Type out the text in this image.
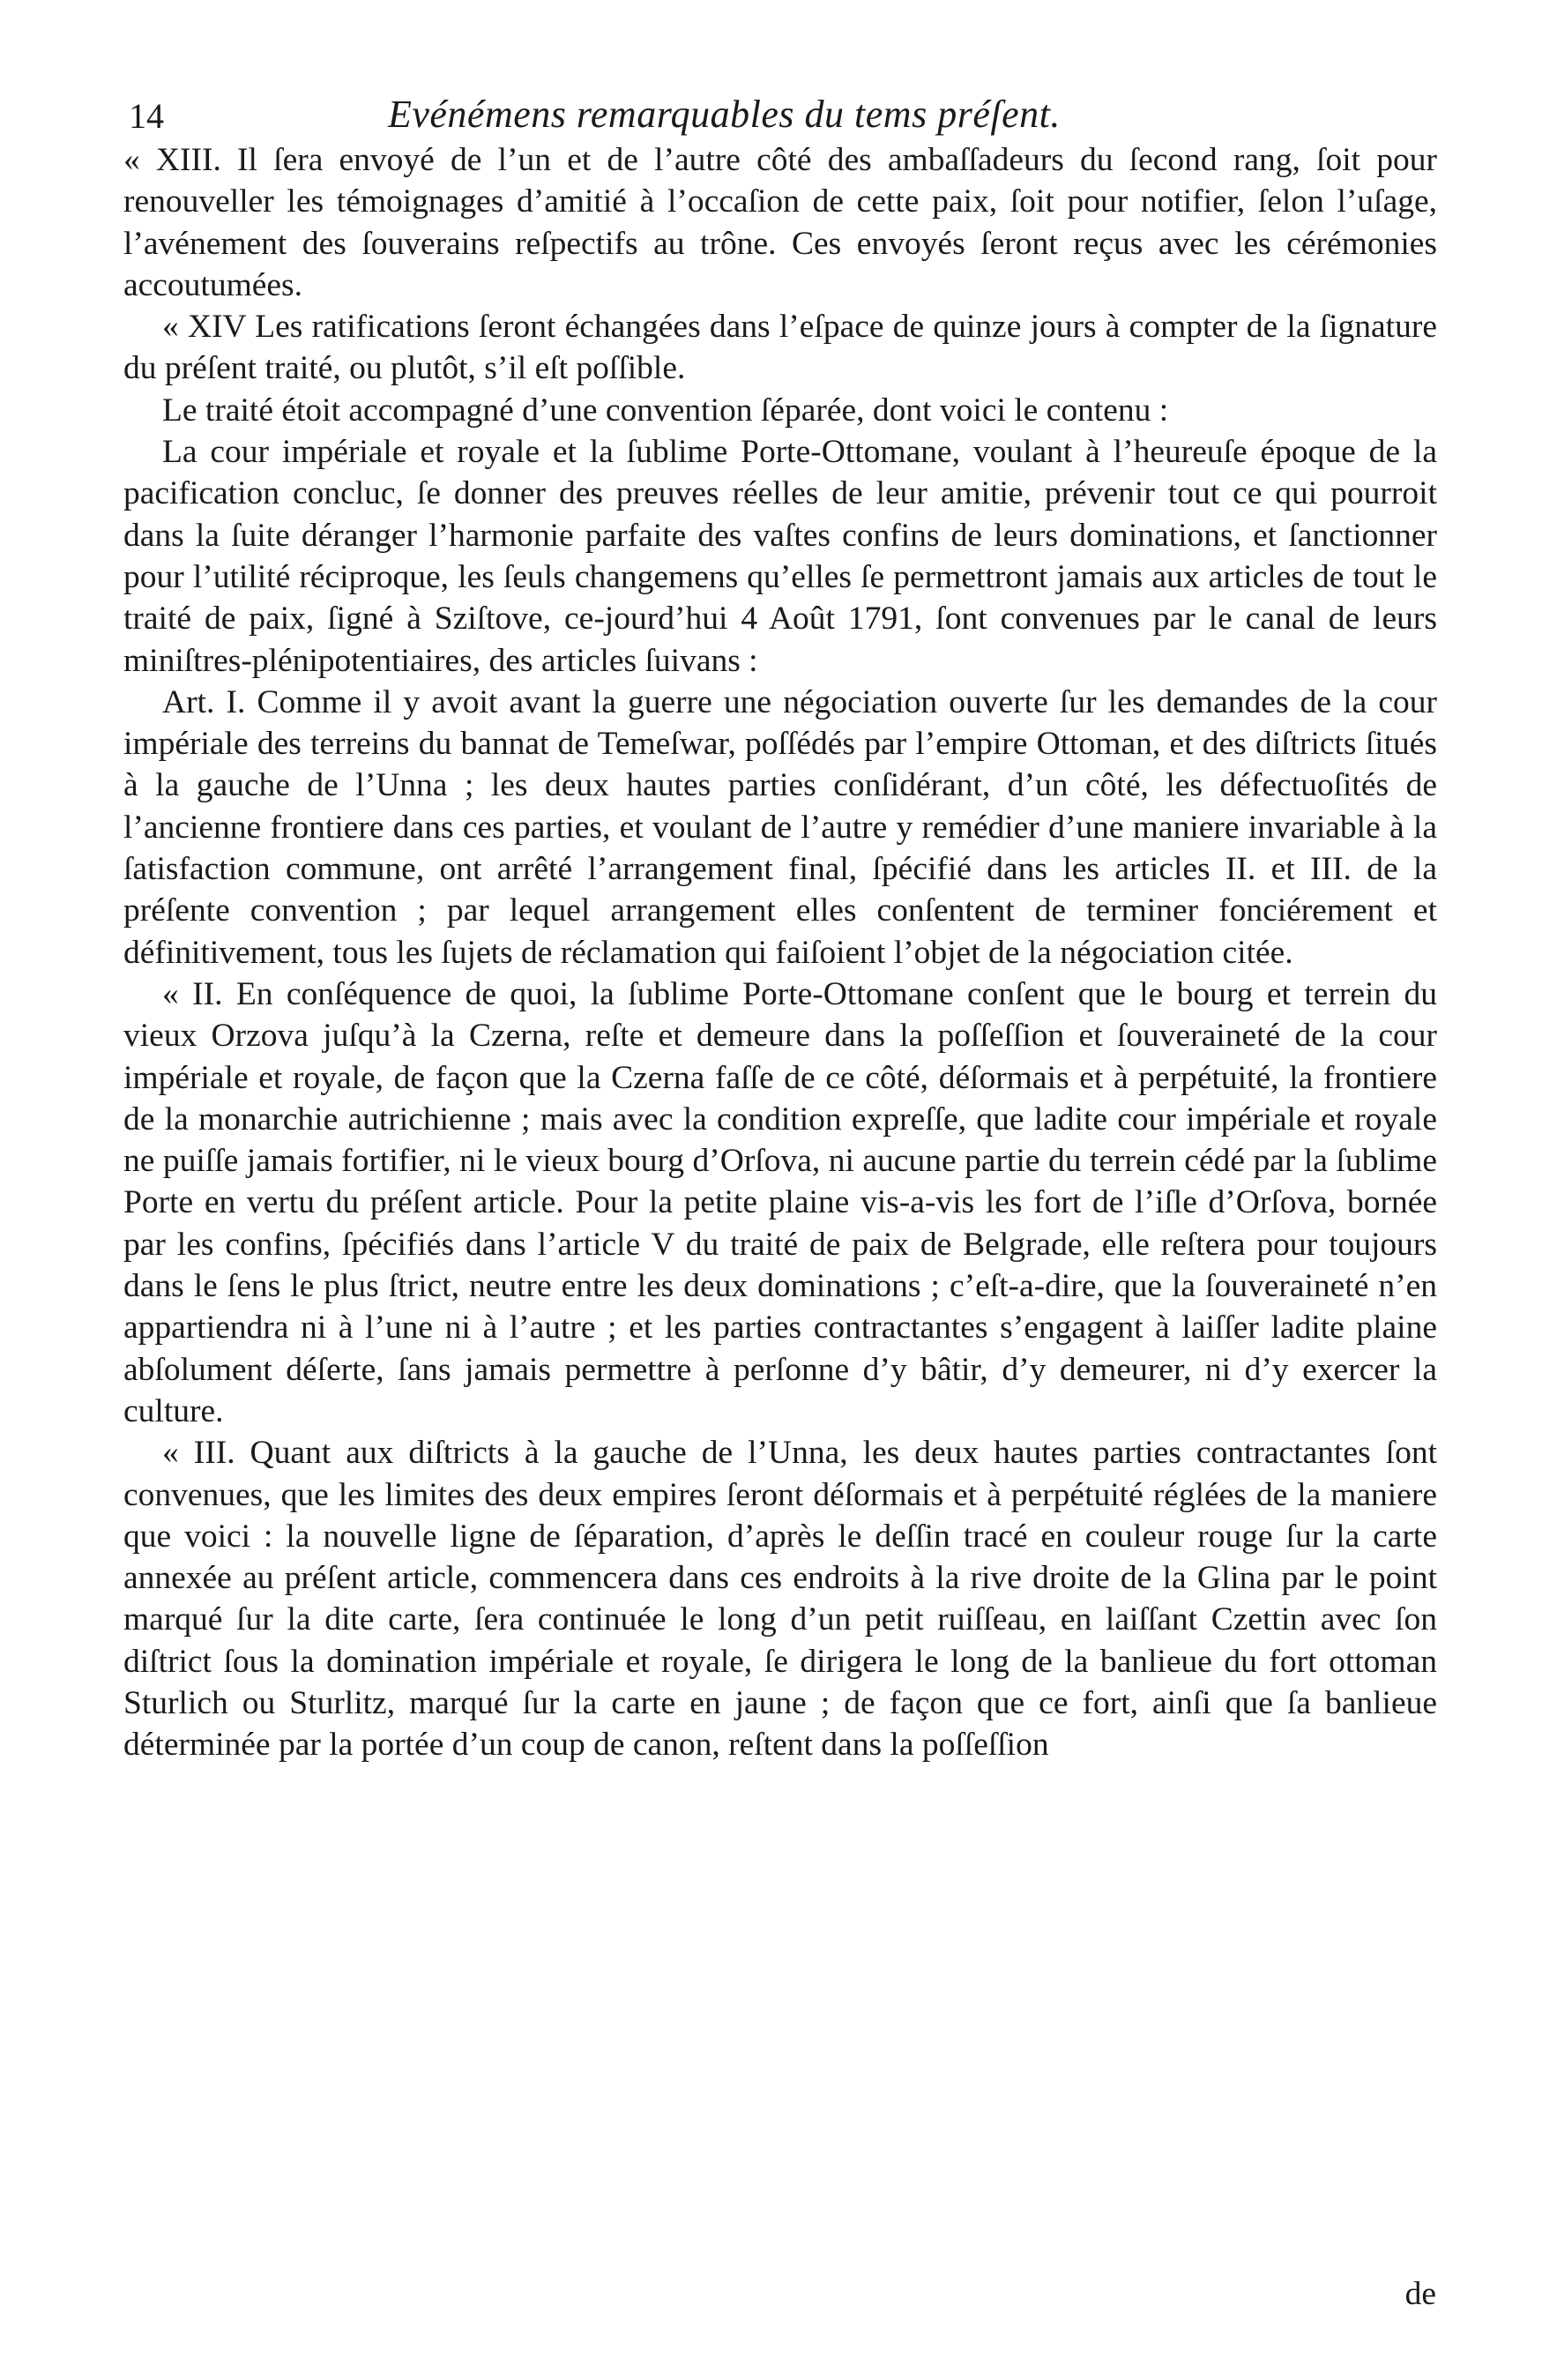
14	Evénémens remarquables du tems préſent.

« XIII. Il ſera envoyé de l’un et de l’autre côté des ambaſſadeurs du ſecond rang, ſoit pour renouveller les témoignages d’amitié à l’occaſion de cette paix, ſoit pour notifier, ſelon l’uſage, l’avénement des ſouverains reſpectifs au trône. Ces envoyés ſeront reçus avec les cérémonies accoutumées.

« XIV Les ratifications ſeront échangées dans l’eſpace de quinze jours à compter de la ſignature du préſent traité, ou plutôt, s’il eſt poſſible.

Le traité étoit accompagné d’une convention ſéparée, dont voici le contenu :

La cour impériale et royale et la ſublime Porte-Ottomane, voulant à l’heureuſe époque de la pacification concluc, ſe donner des preuves réelles de leur amitie, prévenir tout ce qui pourroit dans la ſuite déranger l’harmonie parfaite des vaſtes confins de leurs dominations, et ſanctionner pour l’utilité réciproque, les ſeuls changemens qu’elles ſe permettront jamais aux articles de tout le traité de paix, ſigné à Sziſtove, ce-jourd’hui 4 Août 1791, ſont convenues par le canal de leurs miniſtres-plénipotentiaires, des articles ſuivans :

Art. I. Comme il y avoit avant la guerre une négociation ouverte ſur les demandes de la cour impériale des terreins du bannat de Temeſwar, poſſédés par l’empire Ottoman, et des diſtricts ſitués à la gauche de l’Unna ; les deux hautes parties conſidérant, d’un côté, les défectuoſités de l’ancienne frontiere dans ces parties, et voulant de l’autre y remédier d’une maniere invariable à la ſatisfaction commune, ont arrêté l’arrangement final, ſpécifié dans les articles II. et III. de la préſente convention ; par lequel arrangement elles conſentent de terminer fonciérement et définitivement, tous les ſujets de réclamation qui faiſoient l’objet de la négociation citée.

« II. En conſéquence de quoi, la ſublime Porte-Ottomane conſent que le bourg et terrein du vieux Orzova juſqu’à la Czerna, reſte et demeure dans la poſſeſſion et ſouveraineté de la cour impériale et royale, de façon que la Czerna faſſe de ce côté, déſormais et à perpétuité, la frontiere de la monarchie autrichienne ; mais avec la condition expreſſe, que ladite cour impériale et royale ne puiſſe jamais fortifier, ni le vieux bourg d’Orſova, ni aucune partie du terrein cédé par la ſublime Porte en vertu du préſent article. Pour la petite plaine vis-a-vis les fort de l’iſle d’Orſova, bornée par les confins, ſpécifiés dans l’article V du traité de paix de Belgrade, elle reſtera pour toujours dans le ſens le plus ſtrict, neutre entre les deux dominations ; c’eſt-a-dire, que la ſouveraineté n’en appartiendra ni à l’une ni à l’autre ; et les parties contractantes s’engagent à laiſſer ladite plaine abſolument déſerte, ſans jamais permettre à perſonne d’y bâtir, d’y demeurer, ni d’y exercer la culture.

« III. Quant aux diſtricts à la gauche de l’Unna, les deux hautes parties contractantes ſont convenues, que les limites des deux empires ſeront déſormais et à perpétuité réglées de la maniere que voici : la nouvelle ligne de ſéparation, d’après le deſſin tracé en couleur rouge ſur la carte annexée au préſent article, commencera dans ces endroits à la rive droite de la Glina par le point marqué ſur la dite carte, ſera continuée le long d’un petit ruiſſeau, en laiſſant Czettin avec ſon diſtrict ſous la domination impériale et royale, ſe dirigera le long de la banlieue du fort ottoman Sturlich ou Sturlitz, marqué ſur la carte en jaune ; de façon que ce fort, ainſi que ſa banlieue déterminée par la portée d’un coup de canon, reſtent dans la poſſeſſion

de
